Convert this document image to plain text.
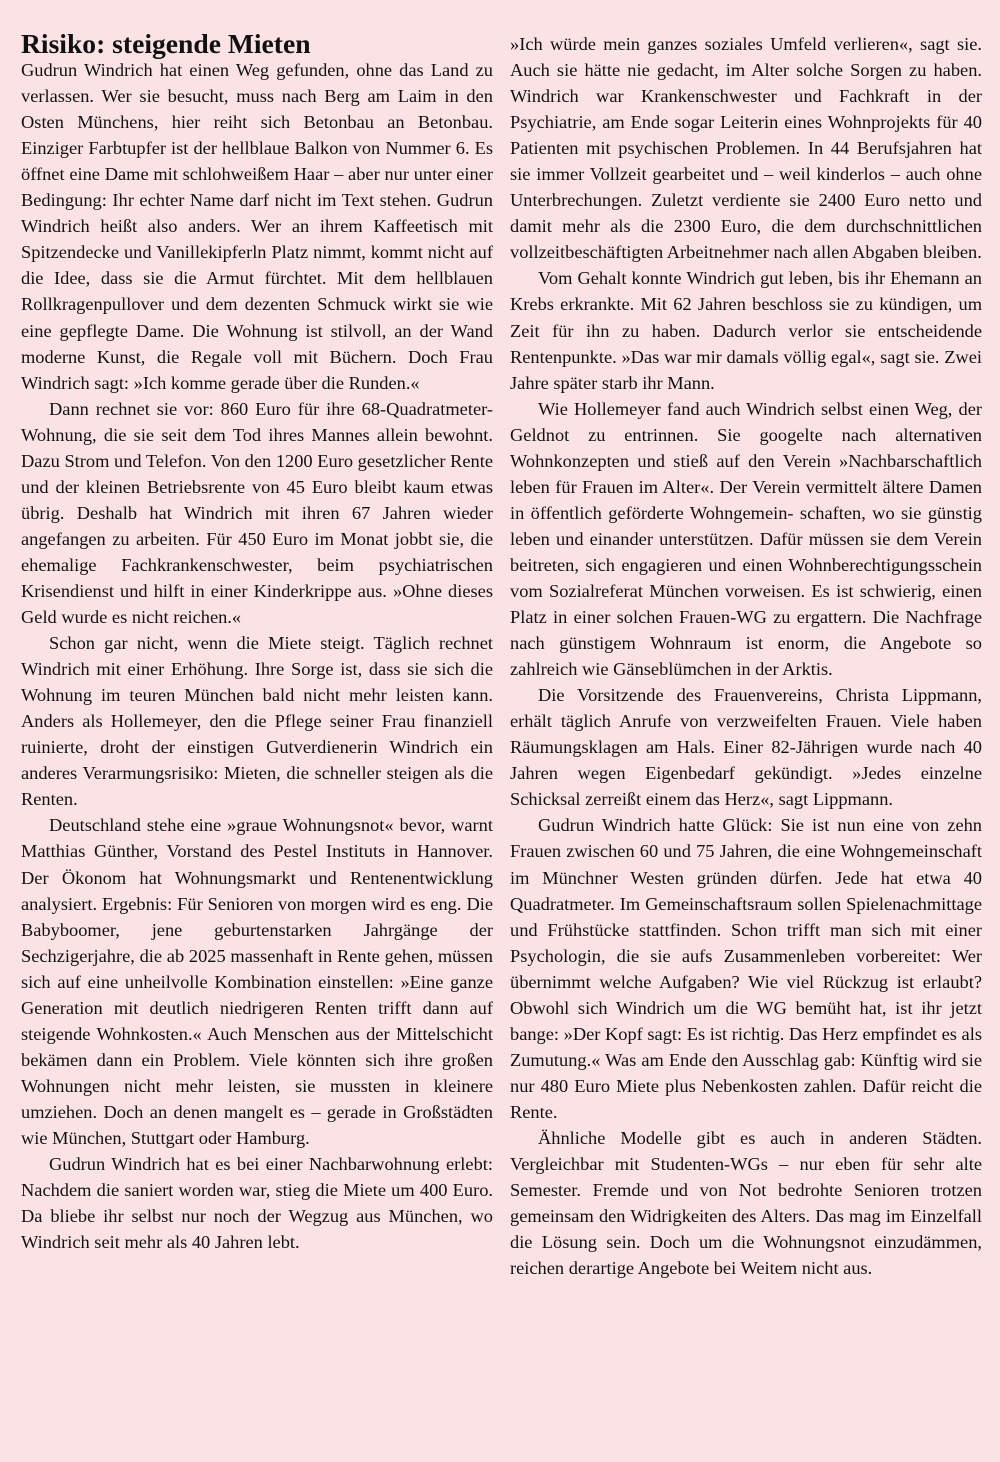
Risiko: steigende Mieten

Gudrun Windrich hat einen Weg gefunden, ohne das Land zu verlassen. Wer sie besucht, muss nach Berg am Laim in den Osten Münchens, hier reiht sich Betonbau an Betonbau. Einziger Farbtupfer ist der hellblaue Balkon von Nummer 6. Es öffnet eine Dame mit schlohweißem Haar – aber nur unter einer Bedingung: Ihr echter Name darf nicht im Text stehen. Gudrun Windrich heißt also anders. Wer an ihrem Kaffeetisch mit Spitzendecke und Vanillekipferln Platz nimmt, kommt nicht auf die Idee, dass sie die Armut fürchtet. Mit dem hellblauen Rollkragenpullover und dem dezenten Schmuck wirkt sie wie eine gepflegte Dame. Die Wohnung ist stilvoll, an der Wand moderne Kunst, die Regale voll mit Büchern. Doch Frau Windrich sagt: »Ich komme gerade über die Runden.«

Dann rechnet sie vor: 860 Euro für ihre 68-Quadratmeter-Wohnung, die sie seit dem Tod ihres Mannes allein bewohnt. Dazu Strom und Telefon. Von den 1200 Euro gesetzlicher Rente und der kleinen Betriebsrente von 45 Euro bleibt kaum etwas übrig. Deshalb hat Windrich mit ihren 67 Jahren wieder angefangen zu arbeiten. Für 450 Euro im Monat jobbt sie, die ehemalige Fachkrankenschwester, beim psychiatrischen Krisendienst und hilft in einer Kinderkrippe aus. »Ohne dieses Geld wurde es nicht reichen.«

Schon gar nicht, wenn die Miete steigt. Täglich rechnet Windrich mit einer Erhöhung. Ihre Sorge ist, dass sie sich die Wohnung im teuren München bald nicht mehr leisten kann. Anders als Hollemeyer, den die Pflege seiner Frau finanziell ruinierte, droht der einstigen Gutverdienerin Windrich ein anderes Verarmungsrisiko: Mieten, die schneller steigen als die Renten.

Deutschland stehe eine »graue Wohnungsnot« bevor, warnt Matthias Günther, Vorstand des Pestel Instituts in Hannover. Der Ökonom hat Wohnungsmarkt und Rentenentwicklung analysiert. Ergebnis: Für Senioren von morgen wird es eng. Die Babyboomer, jene geburtenstarken Jahrgänge der Sechzigerjahre, die ab 2025 massenhaft in Rente gehen, müssen sich auf eine unheilvolle Kombination einstellen: »Eine ganze Generation mit deutlich niedrigeren Renten trifft dann auf steigende Wohnkosten.« Auch Menschen aus der Mittelschicht bekämen dann ein Problem. Viele könnten sich ihre großen Wohnungen nicht mehr leisten, sie mussten in kleinere umziehen. Doch an denen mangelt es – gerade in Großstädten wie München, Stuttgart oder Hamburg.

Gudrun Windrich hat es bei einer Nachbarwohnung erlebt: Nachdem die saniert worden war, stieg die Miete um 400 Euro. Da bliebe ihr selbst nur noch der Wegzug aus München, wo Windrich seit mehr als 40 Jahren lebt.

»Ich würde mein ganzes soziales Umfeld verlieren«, sagt sie. Auch sie hätte nie gedacht, im Alter solche Sorgen zu haben. Windrich war Krankenschwester und Fachkraft in der Psychiatrie, am Ende sogar Leiterin eines Wohnprojekts für 40 Patienten mit psychischen Problemen. In 44 Berufsjahren hat sie immer Vollzeit gearbeitet und – weil kinderlos – auch ohne Unterbrechungen. Zuletzt verdiente sie 2400 Euro netto und damit mehr als die 2300 Euro, die dem durchschnittlichen vollzeitbeschäftigten Arbeitnehmer nach allen Abgaben bleiben.

Vom Gehalt konnte Windrich gut leben, bis ihr Ehemann an Krebs erkrankte. Mit 62 Jahren beschloss sie zu kündigen, um Zeit für ihn zu haben. Dadurch verlor sie entscheidende Rentenpunkte. »Das war mir damals völlig egal«, sagt sie. Zwei Jahre später starb ihr Mann.

Wie Hollemeyer fand auch Windrich selbst einen Weg, der Geldnot zu entrinnen. Sie googelte nach alternativen Wohnkonzepten und stieß auf den Verein »Nachbarschaftlich leben für Frauen im Alter«. Der Verein vermittelt ältere Damen in öffentlich geförderte Wohngemein- schaften, wo sie günstig leben und einander unterstützen. Dafür müssen sie dem Verein beitreten, sich engagieren und einen Wohnberechtigungsschein vom Sozialreferat München vorweisen. Es ist schwierig, einen Platz in einer solchen Frauen-WG zu ergattern. Die Nachfrage nach günstigem Wohnraum ist enorm, die Angebote so zahlreich wie Gänseblümchen in der Arktis.

Die Vorsitzende des Frauenvereins, Christa Lippmann, erhält täglich Anrufe von verzweifelten Frauen. Viele haben Räumungsklagen am Hals. Einer 82-Jährigen wurde nach 40 Jahren wegen Eigenbedarf gekündigt. »Jedes einzelne Schicksal zerreißt einem das Herz«, sagt Lippmann.

Gudrun Windrich hatte Glück: Sie ist nun eine von zehn Frauen zwischen 60 und 75 Jahren, die eine Wohngemeinschaft im Münchner Westen gründen dürfen. Jede hat etwa 40 Quadratmeter. Im Gemeinschaftsraum sollen Spielenachmittage und Frühstücke stattfinden. Schon trifft man sich mit einer Psychologin, die sie aufs Zusammenleben vorbereitet: Wer übernimmt welche Aufgaben? Wie viel Rückzug ist erlaubt? Obwohl sich Windrich um die WG bemüht hat, ist ihr jetzt bange: »Der Kopf sagt: Es ist richtig. Das Herz empfindet es als Zumutung.« Was am Ende den Ausschlag gab: Künftig wird sie nur 480 Euro Miete plus Nebenkosten zahlen. Dafür reicht die Rente.

Ähnliche Modelle gibt es auch in anderen Städten. Vergleichbar mit Studenten-WGs – nur eben für sehr alte Semester. Fremde und von Not bedrohte Senioren trotzen gemeinsam den Widrigkeiten des Alters. Das mag im Einzelfall die Lösung sein. Doch um die Wohnungsnot einzudämmen, reichen derartige Angebote bei Weitem nicht aus.
